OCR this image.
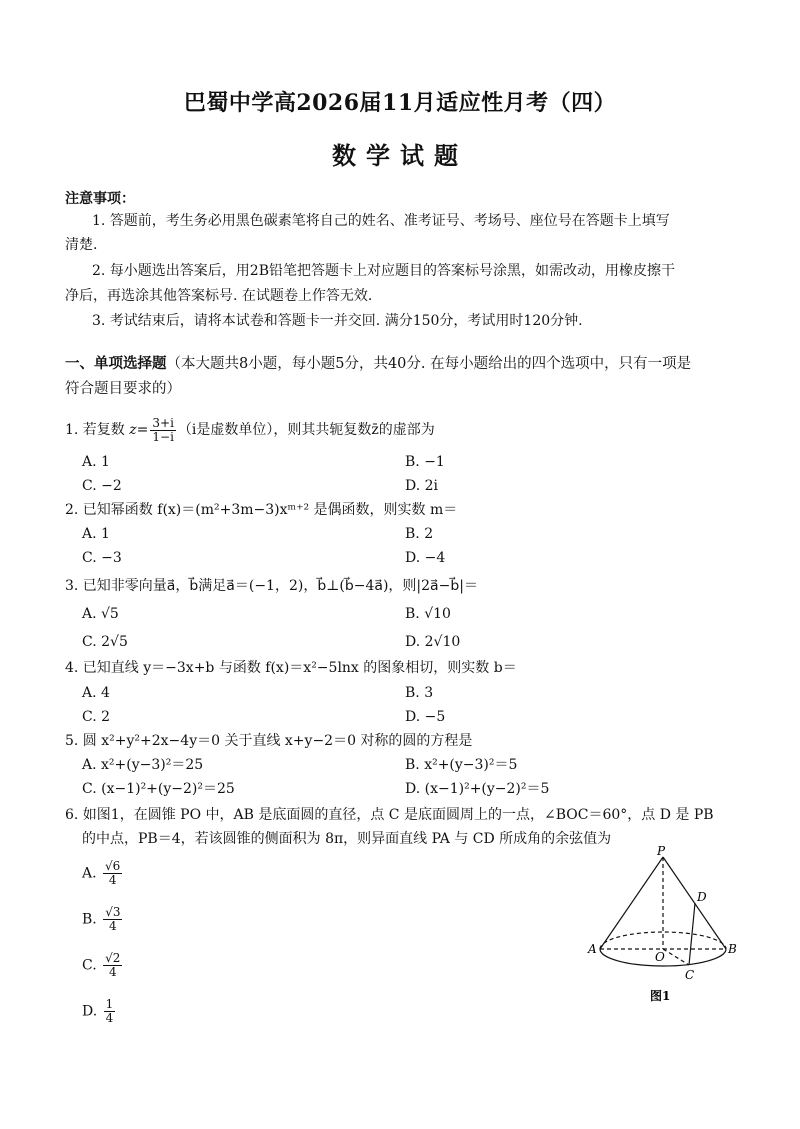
巴蜀中学高2026届11月适应性月考（四）
数学试题
注意事项：
1. 答题前，考生务必用黑色碳素笔将自己的姓名、准考证号、考场号、座位号在答题卡上填写
清楚.
2. 每小题选出答案后，用2B铅笔把答题卡上对应题目的答案标号涂黑，如需改动，用橡皮擦干
净后，再选涂其他答案标号. 在试题卷上作答无效.
3. 考试结束后，请将本试卷和答题卡一并交回. 满分150分，考试用时120分钟.
一、单项选择题（本大题共8小题，每小题5分，共40分. 在每小题给出的四个选项中，只有一项是
符合题目要求的）
1. 若复数 $z= \frac{3+i}{1-i} (i$是虚数单位），则其共轭复数z̄的虚部为
A. 1	B. −1
C. −2	D. 2i
2. 已知幂函数 f(x)＝(m²+3m−3)xᵐ⁺² 是偶函数，则实数 m＝
A. 1	B. 2
C. −3	D. −4
3. 已知非零向量a⃗，b⃗满足a⃗＝(−1，2)，b⃗⊥(b⃗−4a⃗)，则|2a⃗−b⃗|＝
A. √5	B. √10
C. 2√5	D. 2√10
4. 已知直线 y＝−3x+b 与函数 f(x)＝x²−5lnx 的图象相切，则实数 b＝
A. 4	B. 3
C. 2	D. −5
5. 圆 x²+y²+2x−4y＝0 关于直线 x+y−2＝0 对称的圆的方程是
A. x²+(y−3)²＝25	B. x²+(y−3)²＝5
C. (x−1)²+(y−2)²＝25	D. (x−1)²+(y−2)²＝5
6. 如图1，在圆锥 PO 中，AB 是底面圆的直径，点 C 是底面圆周上的一点，∠BOC＝60°，点 D 是 PB
的中点，PB＝4，若该圆锥的侧面积为 8π，则异面直线 PA 与 CD 所成角的余弦值为
A. $\frac{√6}{4}$
B. $\frac{√3}{4}$
C. $\frac{√2}{4}$
D. $\frac{1}{4}$
P
D
A
O
B
C
图1
